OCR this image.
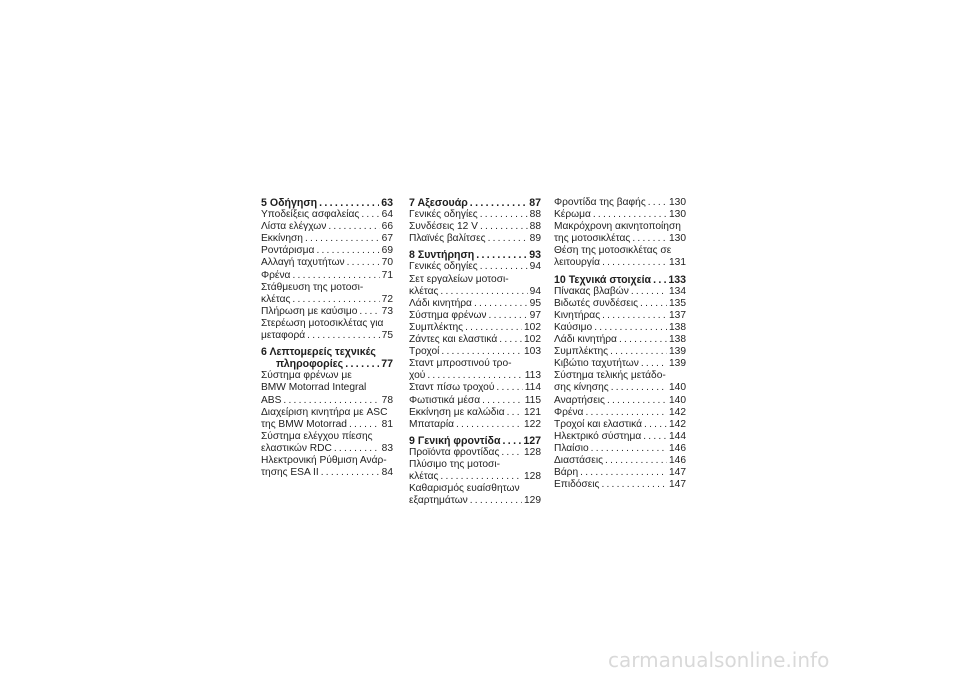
5 Οδήγηση . . .	63
Υποδείξεις ασφαλείας . . . 64
Λίστα ελέγχων . . .	66
Εκκίνηση . . .	67
Ροντάρισμα . . .	69
Αλλαγή ταχυτήτων . . .	70
Φρένα . . .	71
Στάθμευση της μοτοσι-
κλέτας . . .	72
Πλήρωση με καύσιμο . . . 73
Στερέωση μοτοσικλέτας για
μεταφορά . . .	75
6 Λεπτομερείς τεχνικές
πληροφορίες . . .	77
Σύστημα φρένων με
BMW Motorrad Integral
ABS . . .	78
Διαχείριση κινητήρα με ASC
της BMW Motorrad . . .	81
Σύστημα ελέγχου πίεσης
ελαστικών RDC . . .	83
Ηλεκτρονική Ρύθμιση Ανάρ-
τησης ESA II . . .	84
7 Αξεσουάρ . . .	87
Γενικές οδηγίες . . .	88
Συνδέσεις 12 V . . .	88
Πλαϊνές βαλίτσες . . .	89
8 Συντήρηση . . .	93
Γενικές οδηγίες . . .	94
Σετ εργαλείων μοτοσι-
κλέτας . . .	94
Λάδι κινητήρα . . .	95
Σύστημα φρένων . . .	97
Συμπλέκτης . . .	102
Ζάντες και ελαστικά . . .	102
Τροχοί . . .	103
Σταντ μπροστινού τρο-
χού . . .	113
Σταντ πίσω τροχού . . .	114
Φωτιστικά μέσα . . .	115
Εκκίνηση με καλώδια . . . 121
Μπαταρία . . .	122
9 Γενική φροντίδα . . . 127
Προϊόντα φροντίδας . . . 128
Πλύσιμο της μοτοσι-
κλέτας . . .	128
Καθαρισμός ευαίσθητων
εξαρτημάτων . . .	129
Φροντίδα της βαφής . . . 130
Κέρωμα . . .	130
Μακρόχρονη ακινητοποίηση
της μοτοσικλέτας . . .	130
Θέση της μοτοσικλέτας σε
λειτουργία . . .	131
10 Τεχνικά στοιχεία . . . 133
Πίνακας βλαβών . . .	134
Βιδωτές συνδέσεις . . .	135
Κινητήρας . . .	137
Καύσιμο . . .	138
Λάδι κινητήρα . . .	138
Συμπλέκτης . . .	139
Κιβώτιο ταχυτήτων . . .	139
Σύστημα τελικής μετάδο-
σης κίνησης . . .	140
Αναρτήσεις . . .	140
Φρένα . . .	142
Τροχοί και ελαστικά . . .	142
Ηλεκτρικό σύστημα . . .	144
Πλαίσιο . . .	146
Διαστάσεις . . .	146
Βάρη . . .	147
Επιδόσεις . . .	147
carmanualsonline.info
